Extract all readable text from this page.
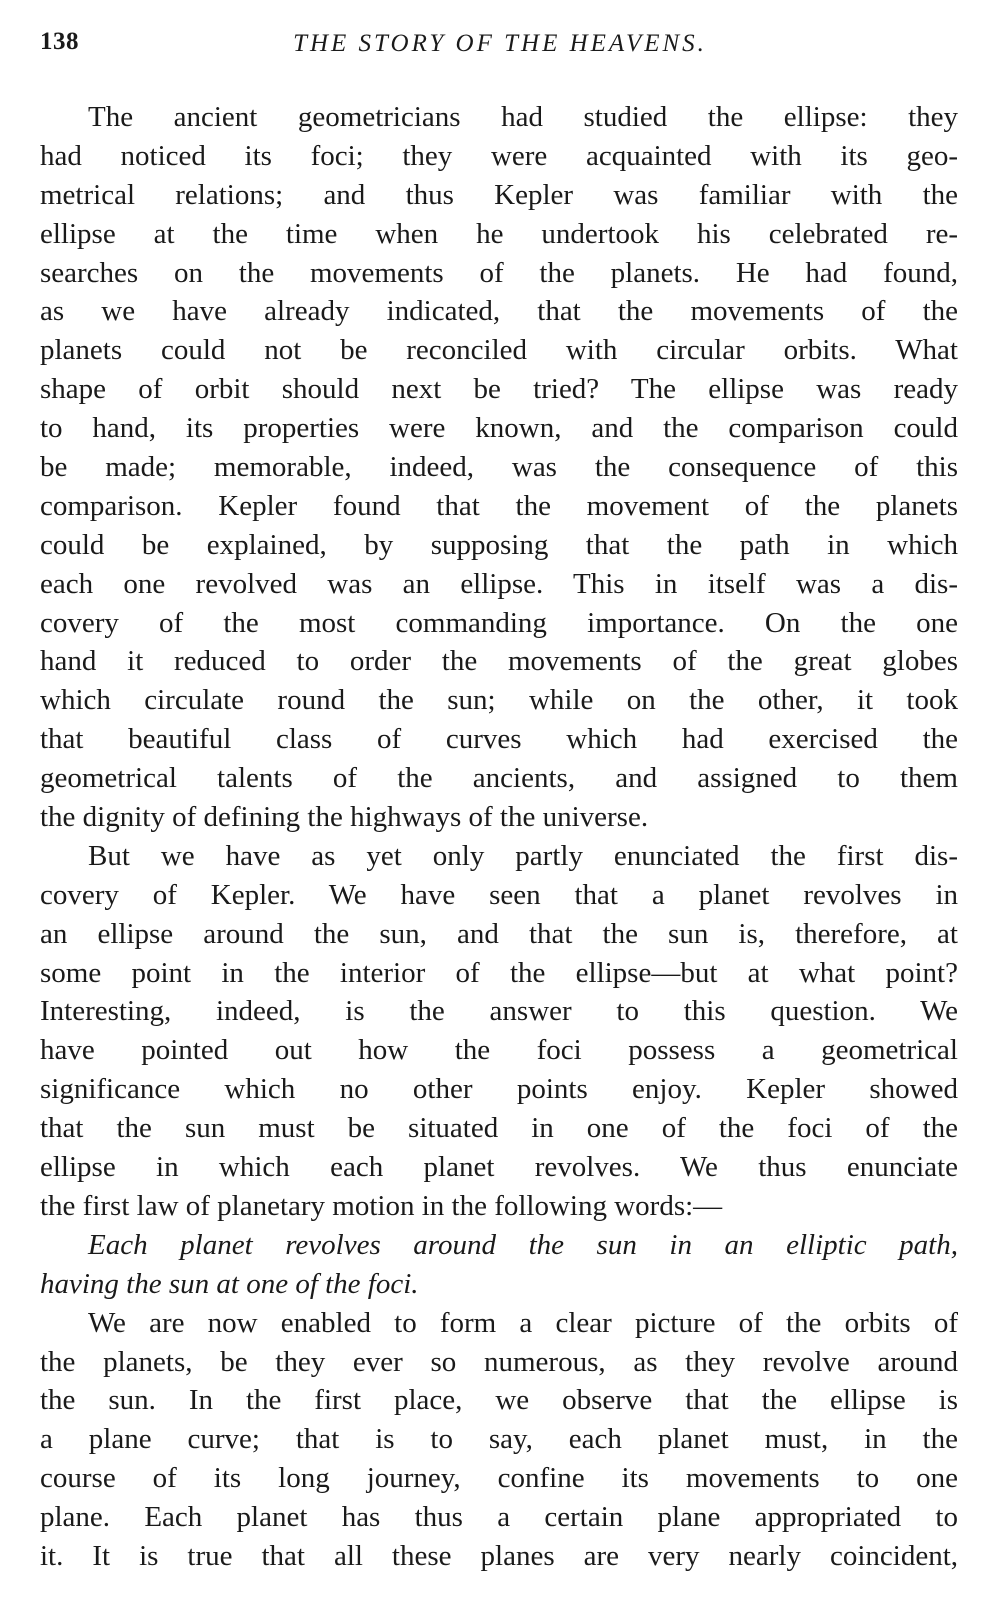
138	THE STORY OF THE HEAVENS.
The ancient geometricians had studied the ellipse: they
had noticed its foci; they were acquainted with its geo-
metrical relations; and thus Kepler was familiar with the
ellipse at the time when he undertook his celebrated re-
searches on the movements of the planets. He had found,
as we have already indicated, that the movements of the
planets could not be reconciled with circular orbits. What
shape of orbit should next be tried? The ellipse was ready
to hand, its properties were known, and the comparison could
be made; memorable, indeed, was the consequence of this
comparison. Kepler found that the movement of the planets
could be explained, by supposing that the path in which
each one revolved was an ellipse. This in itself was a dis-
covery of the most commanding importance. On the one
hand it reduced to order the movements of the great globes
which circulate round the sun; while on the other, it took
that beautiful class of curves which had exercised the
geometrical talents of the ancients, and assigned to them
the dignity of defining the highways of the universe.
But we have as yet only partly enunciated the first dis-
covery of Kepler. We have seen that a planet revolves in
an ellipse around the sun, and that the sun is, therefore, at
some point in the interior of the ellipse—but at what point?
Interesting, indeed, is the answer to this question. We
have pointed out how the foci possess a geometrical
significance which no other points enjoy. Kepler showed
that the sun must be situated in one of the foci of the
ellipse in which each planet revolves. We thus enunciate
the first law of planetary motion in the following words:—
Each planet revolves around the sun in an elliptic path,
having the sun at one of the foci.
We are now enabled to form a clear picture of the orbits of
the planets, be they ever so numerous, as they revolve around
the sun. In the first place, we observe that the ellipse is
a plane curve; that is to say, each planet must, in the
course of its long journey, confine its movements to one
plane. Each planet has thus a certain plane appropriated to
it. It is true that all these planes are very nearly coincident,
